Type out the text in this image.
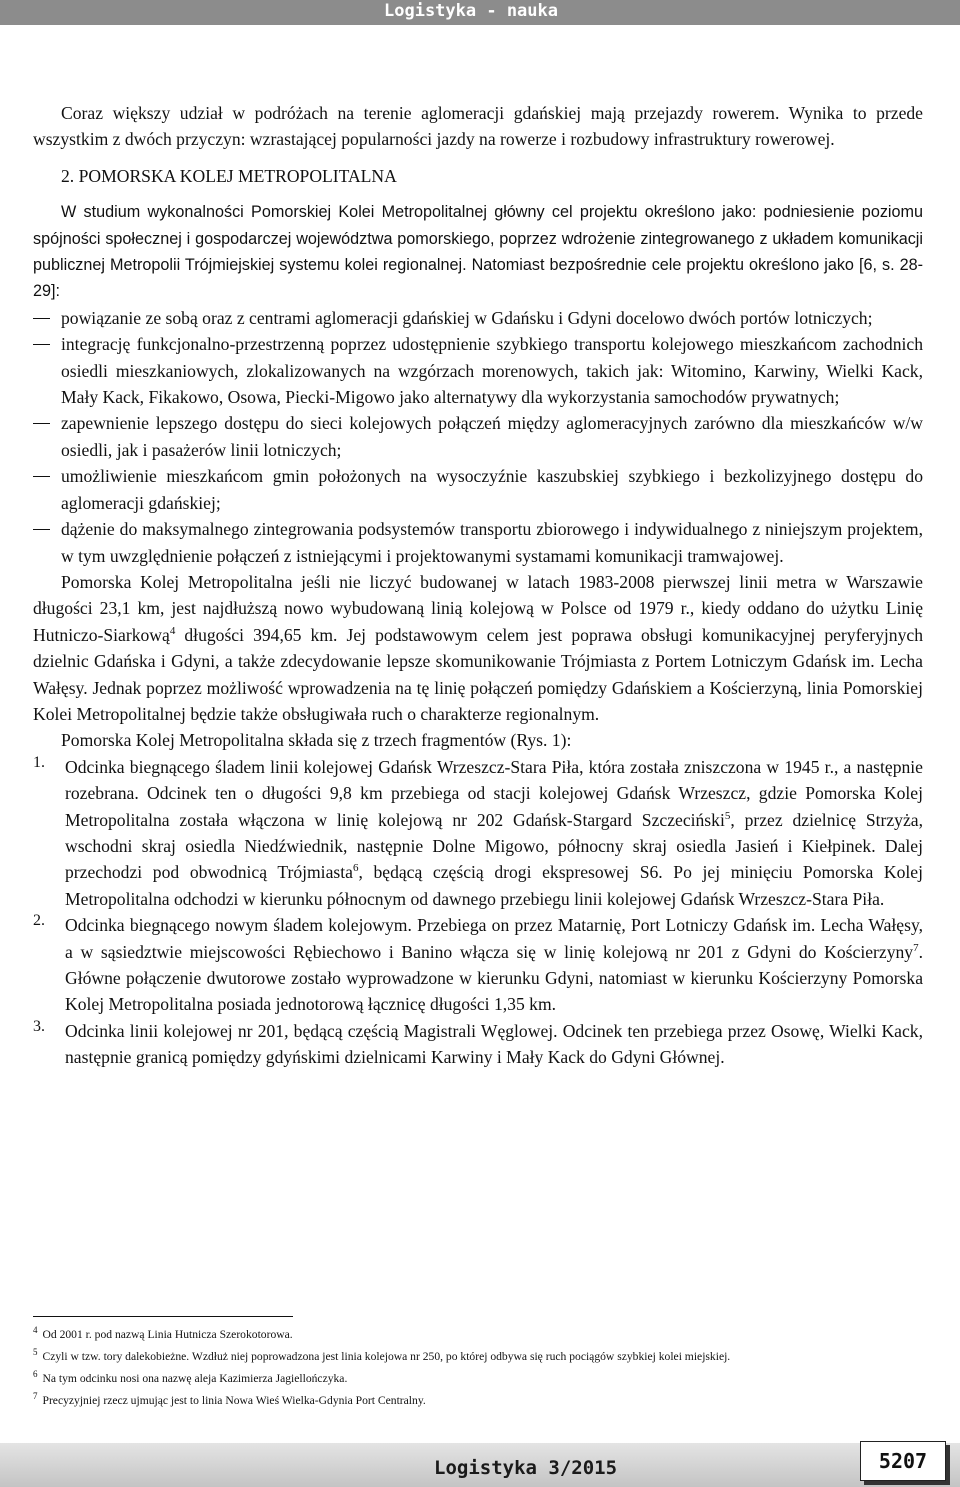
Logistyka - nauka

Coraz większy udział w podróżach na terenie aglomeracji gdańskiej mają przejazdy rowerem. Wynika to przede wszystkim z dwóch przyczyn: wzrastającej popularności jazdy na rowerze i rozbudowy infrastruktury rowerowej.

2. POMORSKA KOLEJ METROPOLITALNA

W studium wykonalności Pomorskiej Kolei Metropolitalnej główny cel projektu określono jako: podniesienie poziomu spójności społecznej i gospodarczej województwa pomorskiego, poprzez wdrożenie zintegrowanego z układem komunikacji publicznej Metropolii Trójmiejskiej systemu kolei regionalnej. Natomiast bezpośrednie cele projektu określono jako [6, s. 28-29]:

powiązanie ze sobą oraz z centrami aglomeracji gdańskiej w Gdańsku i Gdyni docelowo dwóch portów lotniczych;

integrację funkcjonalno-przestrzenną poprzez udostępnienie szybkiego transportu kolejowego mieszkańcom zachodnich osiedli mieszkaniowych, zlokalizowanych na wzgórzach morenowych, takich jak: Witomino, Karwiny, Wielki Kack, Mały Kack, Fikakowo, Osowa, Piecki-Migowo jako alternatywy dla wykorzystania samochodów prywatnych;

zapewnienie lepszego dostępu do sieci kolejowych połączeń między aglomeracyjnych zarówno dla mieszkańców w/w osiedli, jak i pasażerów linii lotniczych;

umożliwienie mieszkańcom gmin położonych na wysoczyźnie kaszubskiej szybkiego i bezkolizyjnego dostępu do aglomeracji gdańskiej;

dążenie do maksymalnego zintegrowania podsystemów transportu zbiorowego i indywidualnego z niniejszym projektem, w tym uwzględnienie połączeń z istniejącymi i projektowanymi systamami komunikacji tramwajowej.

Pomorska Kolej Metropolitalna jeśli nie liczyć budowanej w latach 1983-2008 pierwszej linii metra w Warszawie długości 23,1 km, jest najdłuższą nowo wybudowaną linią kolejową w Polsce od 1979 r., kiedy oddano do użytku Linię Hutniczo-Siarkową$^4$ długości 394,65 km. Jej podstawowym celem jest poprawa obsługi komunikacyjnej peryferyjnych dzielnic Gdańska i Gdyni, a także zdecydowanie lepsze skomunikowanie Trójmiasta z Portem Lotniczym Gdańsk im. Lecha Wałęsy. Jednak poprzez możliwość wprowadzenia na tę linię połączeń pomiędzy Gdańskiem a Kościerzyną, linia Pomorskiej Kolei Metropolitalnej będzie także obsługiwała ruch o charakterze regionalnym.

Pomorska Kolej Metropolitalna składa się z trzech fragmentów (Rys. 1):

1. Odcinka biegnącego śladem linii kolejowej Gdańsk Wrzeszcz-Stara Piła, która została zniszczona w 1945 r., a następnie rozebrana. Odcinek ten o długości 9,8 km przebiega od stacji kolejowej Gdańsk Wrzeszcz, gdzie Pomorska Kolej Metropolitalna została włączona w linię kolejową nr 202 Gdańsk-Stargard Szczeciński$^5$, przez dzielnicę Strzyża, wschodni skraj osiedla Niedźwiednik, następnie Dolne Migowo, północny skraj osiedla Jasień i Kiełpinek. Dalej przechodzi pod obwodnicą Trójmiasta$^6$, będącą częścią drogi ekspresowej S6. Po jej minięciu Pomorska Kolej Metropolitalna odchodzi w kierunku północnym od dawnego przebiegu linii kolejowej Gdańsk Wrzeszcz-Stara Piła.

2. Odcinka biegnącego nowym śladem kolejowym. Przebiega on przez Matarnię, Port Lotniczy Gdańsk im. Lecha Wałęsy, a w sąsiedztwie miejscowości Rębiechowo i Banino włącza się w linię kolejową nr 201 z Gdyni do Kościerzyny$^7$. Główne połączenie dwutorowe zostało wyprowadzone w kierunku Gdyni, natomiast w kierunku Kościerzyny Pomorska Kolej Metropolitalna posiada jednotorową łącznicę długości 1,35 km.

3. Odcinka linii kolejowej nr 201, będącą częścią Magistrali Węglowej. Odcinek ten przebiega przez Osowę, Wielki Kack, następnie granicą pomiędzy gdyńskimi dzielnicami Karwiny i Mały Kack do Gdyni Głównej.

$^4$ Od 2001 r. pod nazwą Linia Hutnicza Szerokotorowa.

$^5$ Czyli w tzw. tory dalekobieżne. Wzdłuż niej poprowadzona jest linia kolejowa nr 250, po której odbywa się ruch pociągów szybkiej kolei miejskiej.

$^6$ Na tym odcinku nosi ona nazwę aleja Kazimierza Jagiellończyka.

$^7$ Precyzyjniej rzecz ujmując jest to linia Nowa Wieś Wielka-Gdynia Port Centralny.

Logistyka 3/2015	5207
